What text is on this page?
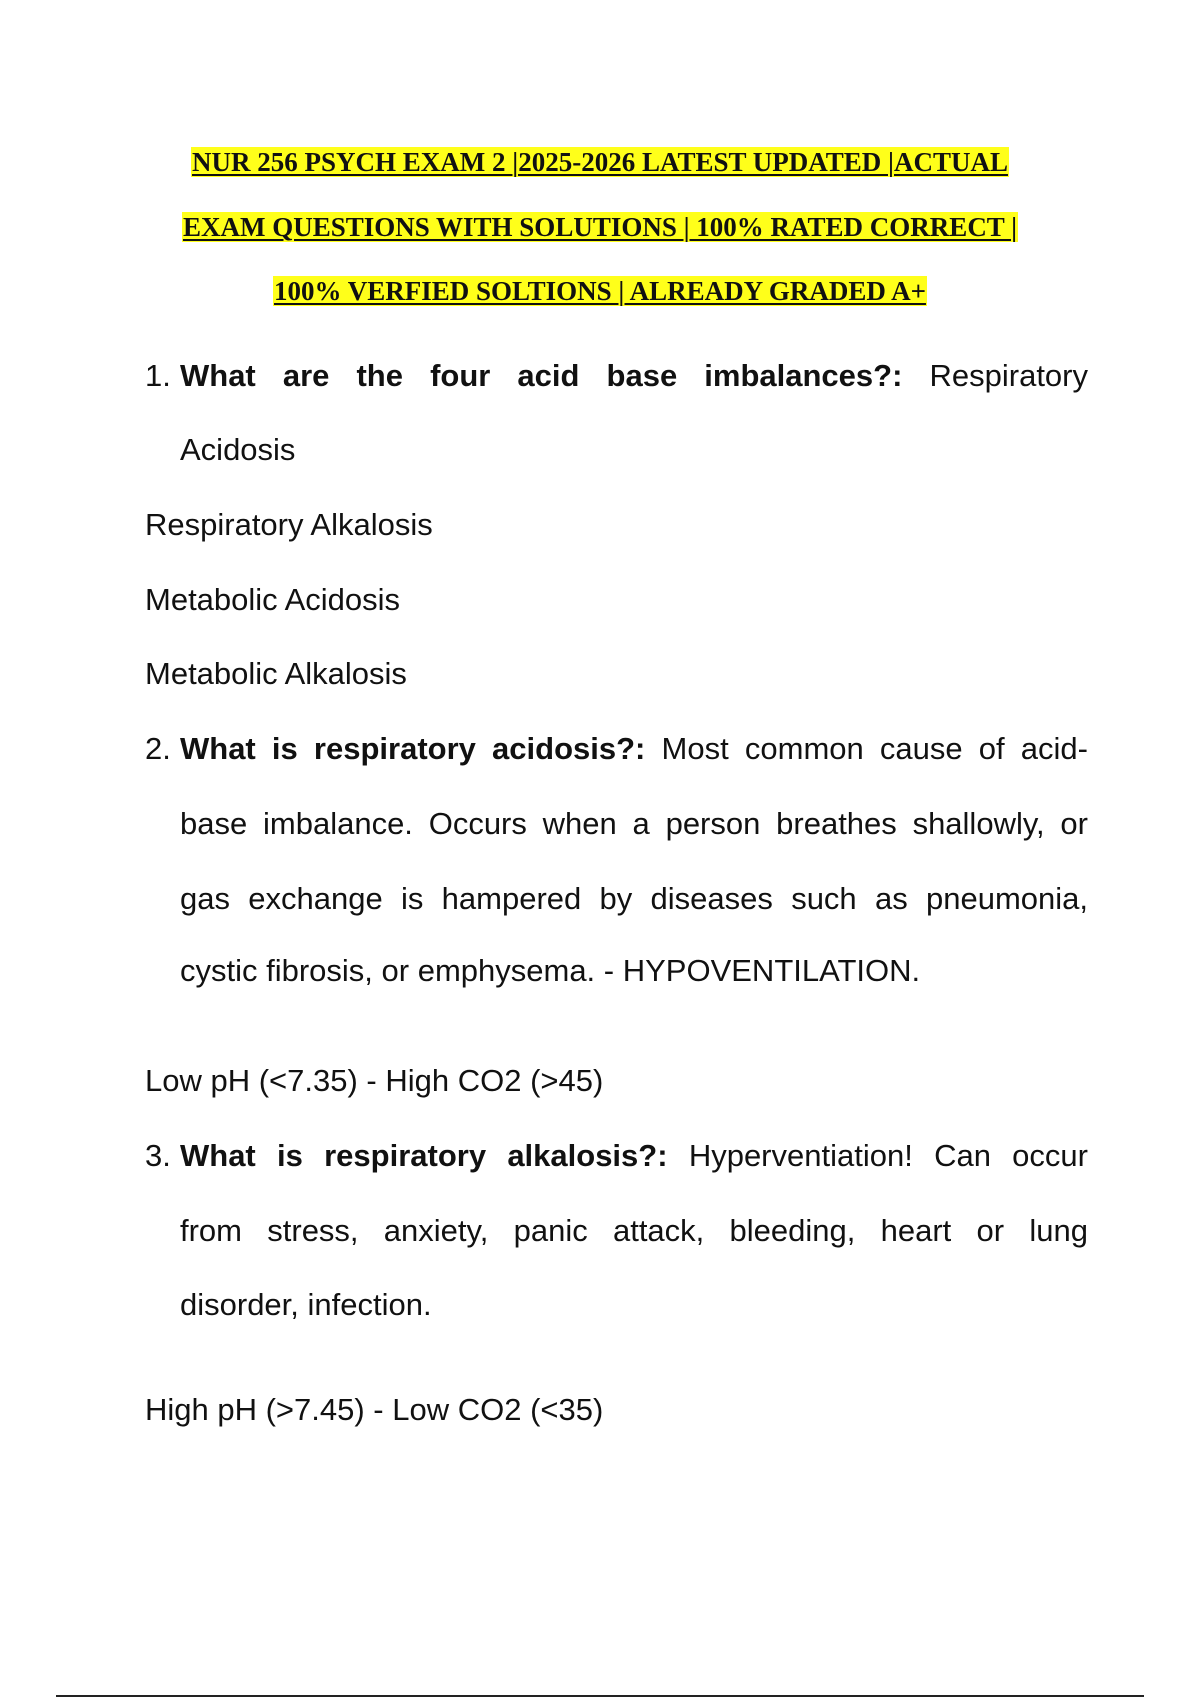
NUR 256 PSYCH EXAM 2 |2025-2026 LATEST UPDATED |ACTUAL
EXAM QUESTIONS WITH SOLUTIONS | 100% RATED CORRECT |
100% VERFIED SOLTIONS | ALREADY GRADED A+
1. What are the four acid base imbalances?: Respiratory
Acidosis
Respiratory Alkalosis
Metabolic Acidosis
Metabolic Alkalosis
2. What is respiratory acidosis?: Most common cause of acid-
base imbalance. Occurs when a person breathes shallowly, or
gas exchange is hampered by diseases such as pneumonia,
cystic fibrosis, or emphysema. - HYPOVENTILATION.
Low pH (<7.35) - High CO2 (>45)
3. What is respiratory alkalosis?: Hyperventiation! Can occur
from stress, anxiety, panic attack, bleeding, heart or lung
disorder, infection.
High pH (>7.45) - Low CO2 (<35)
